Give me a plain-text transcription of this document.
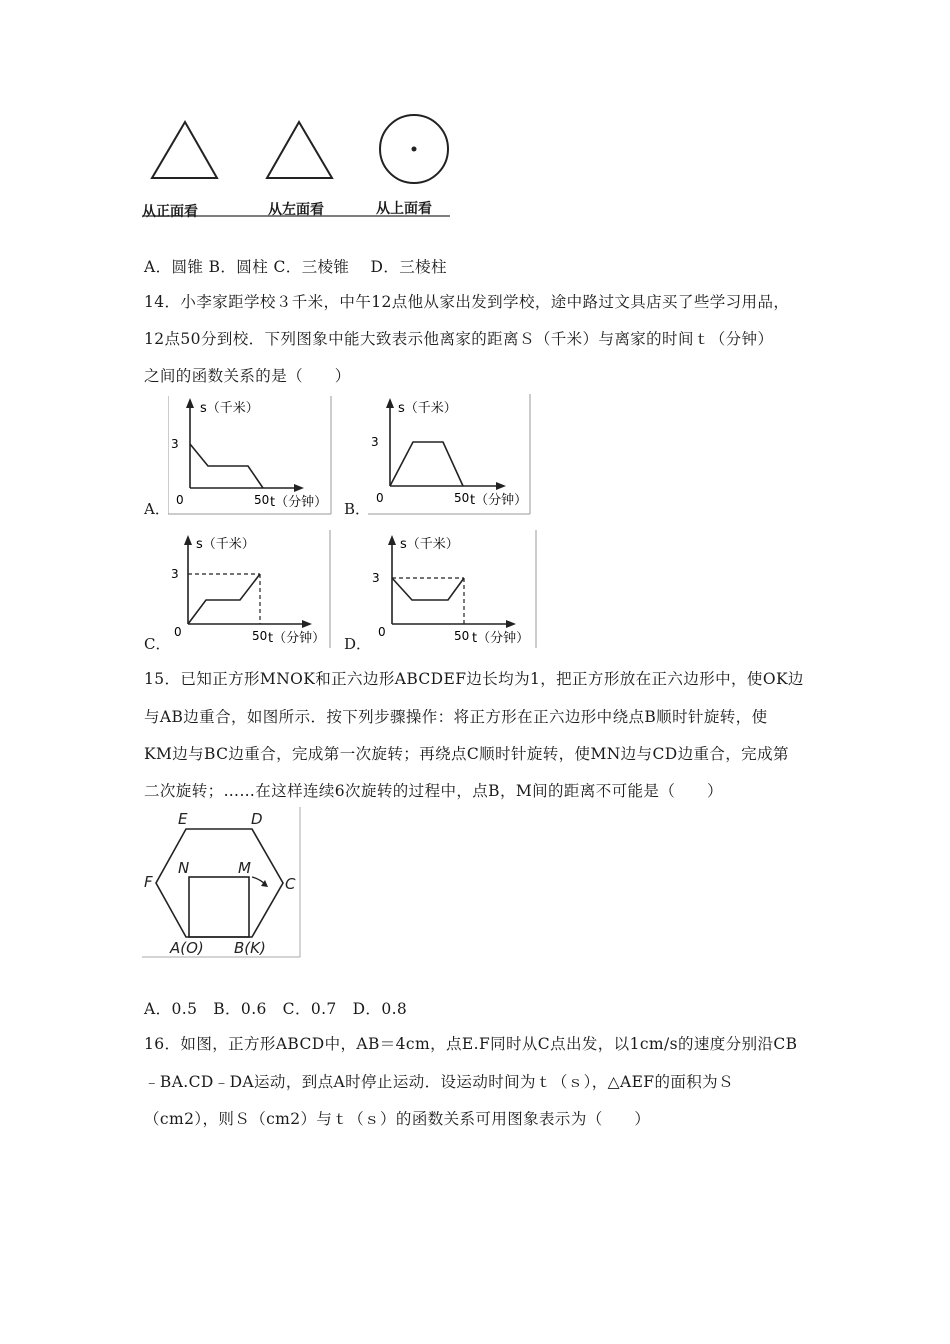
从正面看	从左面看	从上面看
A．圆锥 B．圆柱 C．三棱锥　 D．三棱柱
14．小李家距学校３千米，中午12点他从家出发到学校，途中路过文具店买了些学习用品，
12点50分到校．下列图象中能大致表示他离家的距离Ｓ（千米）与离家的时间ｔ（分钟）
之间的函数关系的是（　　）
A．
s（千米）
3
0	50 t（分钟） B．
s（千米）
3
0	50 t（分钟）
C．
s（千米）
3
0	50 t（分钟） D．
s（千米）
3
0	50 t（分钟）
15．已知正方形MNOK和正六边形ABCDEF边长均为1，把正方形放在正六边形中，使OK边
与AB边重合，如图所示．按下列步骤操作：将正方形在正六边形中绕点B顺时针旋转，使
KM边与BC边重合，完成第一次旋转；再绕点C顺时针旋转，使MN边与CD边重合，完成第
二次旋转；……在这样连续6次旋转的过程中，点B，M间的距离不可能是（　　）
E	D
F	C
N	M
A(O) B(K)
A．0.5　B．0.6　C．0.7　D．0.8
16．如图，正方形ABCD中，AB＝4cm，点E.F同时从C点出发，以1cm/s的速度分别沿CB
﹣BA.CD﹣DA运动，到点A时停止运动．设运动时间为ｔ（ｓ），△AEF的面积为Ｓ
（cm2），则Ｓ（cm2）与ｔ（ｓ）的函数关系可用图象表示为（　　）
